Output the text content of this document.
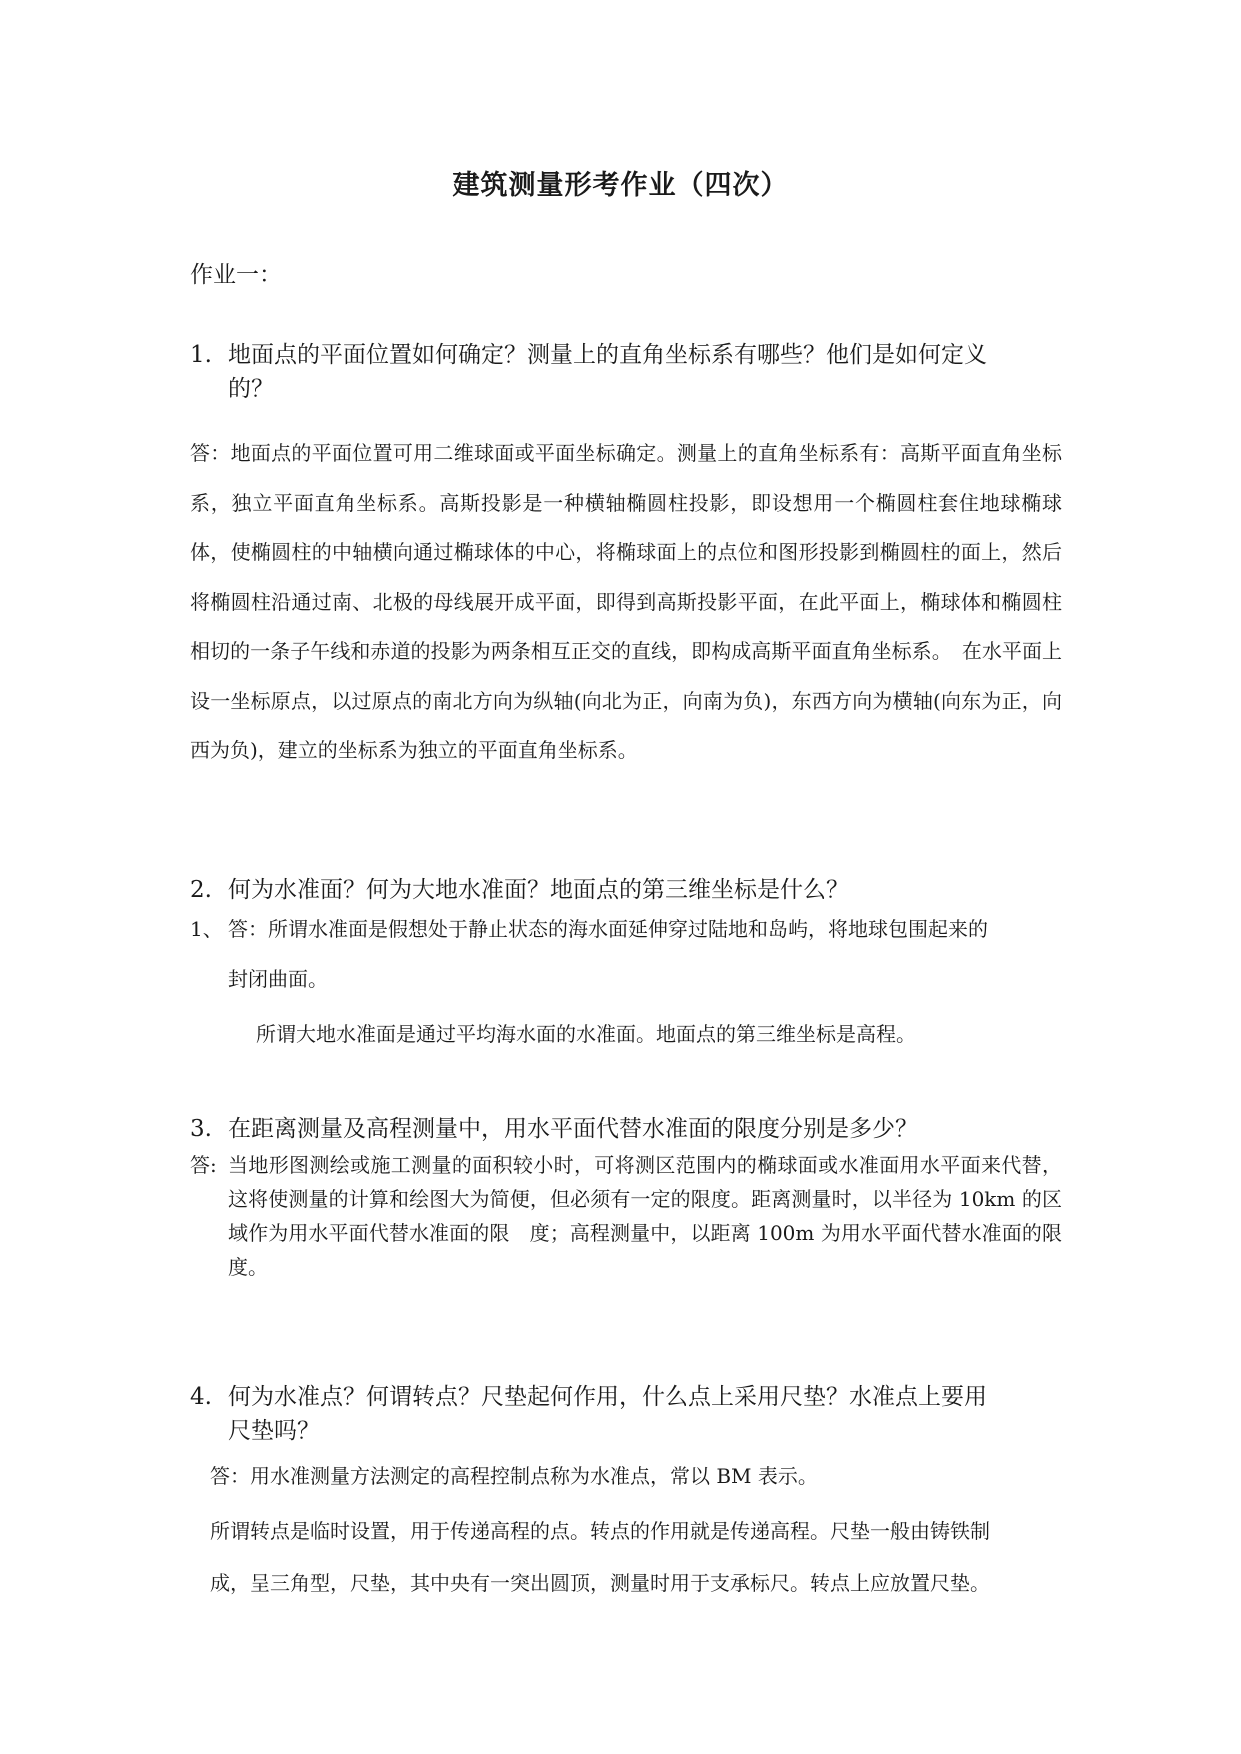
建筑测量形考作业（四次）
作业一：
1. 地面点的平面位置如何确定？测量上的直角坐标系有哪些？他们是如何定义
的？
答：地面点的平面位置可用二维球面或平面坐标确定。测量上的直角坐标系有：高斯平面直角坐标系，独立平面直角坐标系。高斯投影是一种横轴椭圆柱投影，即设想用一个椭圆柱套住地球椭球体，使椭圆柱的中轴横向通过椭球体的中心，将椭球面上的点位和图形投影到椭圆柱的面上，然后将椭圆柱沿通过南、北极的母线展开成平面，即得到高斯投影平面，在此平面上，椭球体和椭圆柱相切的一条子午线和赤道的投影为两条相互正交的直线，即构成高斯平面直角坐标系。　在水平面上设一坐标原点，以过原点的南北方向为纵轴(向北为正，向南为负)，东西方向为横轴(向东为正，向西为负)，建立的坐标系为独立的平面直角坐标系。
2. 何为水准面？何为大地水准面？地面点的第三维坐标是什么？
1、 答：所谓水准面是假想处于静止状态的海水面延伸穿过陆地和岛屿，将地球包围起来的
封闭曲面。
所谓大地水准面是通过平均海水面的水准面。地面点的第三维坐标是高程。
3. 在距离测量及高程测量中，用水平面代替水准面的限度分别是多少？
答: 当地形图测绘或施工测量的面积较小时，可将测区范围内的椭球面或水准面用水平面来代替，这将使测量的计算和绘图大为简便，但必须有一定的限度。距离测量时，以半径为 10km 的区域作为用水平面代替水准面的限　度；高程测量中，以距离 100m 为用水平面代替水准面的限度。
4. 何为水准点？何谓转点？尺垫起何作用，什么点上采用尺垫？水准点上要用
尺垫吗？
答：用水准测量方法测定的高程控制点称为水准点，常以 BM 表示。
所谓转点是临时设置，用于传递高程的点。转点的作用就是传递高程。尺垫一般由铸铁制
成，呈三角型，尺垫，其中央有一突出圆顶，测量时用于支承标尺。转点上应放置尺垫。
